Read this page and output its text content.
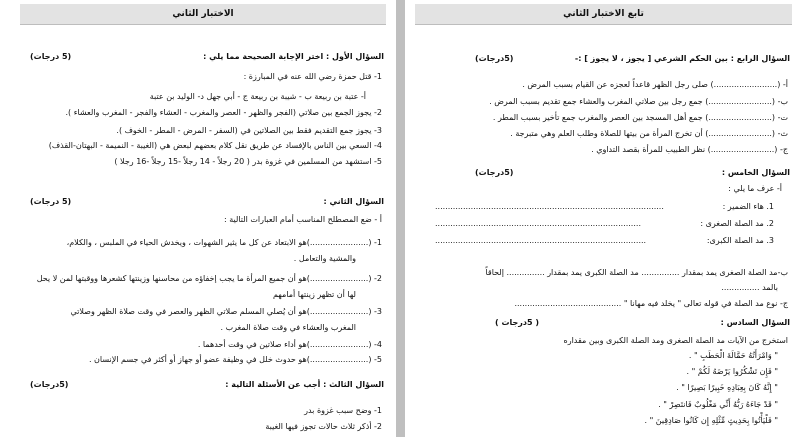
الاختبار الثاني
السؤال الأول : اختر الإجابة الصحيحة مما يلي :
(5 درجات)
1- قتل حمزة رضي الله عنه في المبارزة :
أ- عتبة بن ربيعة ب - شيبة بن ربيعة ج - أبي جهل د- الوليد بن عتبة
2- يجوز الجمع بين صلاتي (الفجر والظهر - العصر والمغرب - العشاء والفجر - المغرب والعشاء ).
3- يجوز جمع التقديم فقط بين الصلاتين في (السفر - المرض - المطر - الخوف ).
4- السعي بين الناس بالإفساد عن طريق نقل كلام بعضهم لبعض هي (الغيبة - النميمة - البهتان-القذف)
5- استشهد من المسلمين في غزوة بدر ( 20 رجلاً - 14 رجلاً -15 رجلاً -16 رجلا )
السؤال الثاني :
(5 درجات)
أ - ضع المصطلح المناسب أمام العبارات التالية :
1- (.......................)هو الابتعاد عن كل ما يثير الشهوات ، ويخدش الحياء في الملبس ، والكلام،
والمشية والتعامل .
2- (.......................)هو أن جميع المرأة ما يجب إخفاؤه من محاسنها وزينتها كشعرها ووقبتها لمن لا يحل
لها أن تظهر زينتها أمامهم
3- (.......................)هو أن يُصلي المسلم صلاتي الظهر والعصر في وقت صلاة الظهر وصلاتي
المغرب والعشاء في وقت صلاة المغرب .
4- (.......................)هو أداء صلاتين في وقت أحدهما .
5- (.......................)هو حدوث خلل في وظيفة عضو أو جهاز أو أكثر في جسم الإنسان .
السؤال الثالث : أجب عن الأسئلة التالية :
(5درجات)
1- وضح سبب غزوة بدر
2- أذكر ثلاث حالات تجوز فيها الغيبة
تابع الاختبار الثاني
السؤال الرابع : بين الحكم الشرعي [ يجوز ، لا يجوز ] :-
(5درجات)
أ- (.........................) صلى رجل الظهر قاعداً لعجزه عن القيام بسبب المرض .
ب- (.........................) جمع رجل بين صلاتي المغرب والعشاء جمع تقديم بسبب المرض .
ت- (.........................) جمع أهل المسجد بين العصر والمغرب جمع تأخير بسبب المطر .
ث- (.........................) أن تخرج المرأة من بيتها للصلاة وطلب العلم وهي متبرجة .
ج- (.........................) نظر الطبيب للمرأة بقصد التداوي .
السؤال الخامس :
(5درجات)
أ- عرف ما يلي :
1. هاء الضمير :
..........................................................................................
2. مد الصلة الصغرى :
.................................................................................
3. مد الصلة الكبرى:
...................................................................................
ب-مد الصلة الصغرى يمد بمقدار ............... مد الصلة الكبرى يمد بمقدار ............... إلحاقاً
بالمد ...............
ج- نوع مد الصلة في قوله تعالى " يخلد فيه مهانا " ..........................................
السؤال السادس :
( 5درجات )
استخرج من الآيات مد الصلة الصغرى ومد الصلة الكبرى وبين مقداره
" وَامْرَأَتُهُ حَمَّالَةَ الْحَطَبِ " .
" فَإِن تَشْكُرُوا يَرْضَهُ لَكُمْ " .
" إِنَّهُ كَانَ بِعِبَادِهِ خَبِيرًا بَصِيرًا " .
" قَدْ جَاءَهُ رَبُّهُ أَنِّي مَغْلُوبٌ فَانتَصِرْ " .
" فَلْيَأْتُوا بِحَدِيثٍ مِّثْلِهِ إِن كَانُوا صَادِقِينَ " .
